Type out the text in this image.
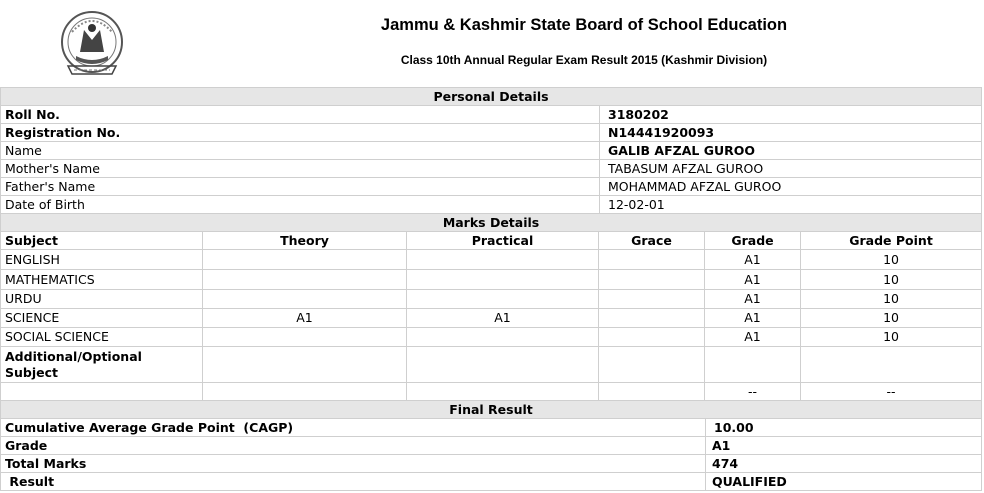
Jammu & Kashmir State Board of School Education
Class 10th Annual Regular Exam Result 2015 (Kashmir Division)
Personal Details	
Roll No.	3180202
Registration No.	N14441920093
Name	GALIB AFZAL GUROO
Mother's Name	TABASUM AFZAL GUROO
Father's Name	MOHAMMAD AFZAL GUROO
Date of Birth	12-02-01
Marks Details					
Subject	Theory	Practical	Grace	Grade	Grade Point
ENGLISH				A1	10
MATHEMATICS				A1	10
URDU				A1	10
SCIENCE	A1	A1		A1	10
SOCIAL SCIENCE				A1	10
Additional/Optional Subject					
				--	--
Final Result	
Cumulative Average Grade Point  (CAGP)	10.00
Grade	A1
Total Marks	474
Result	QUALIFIED
